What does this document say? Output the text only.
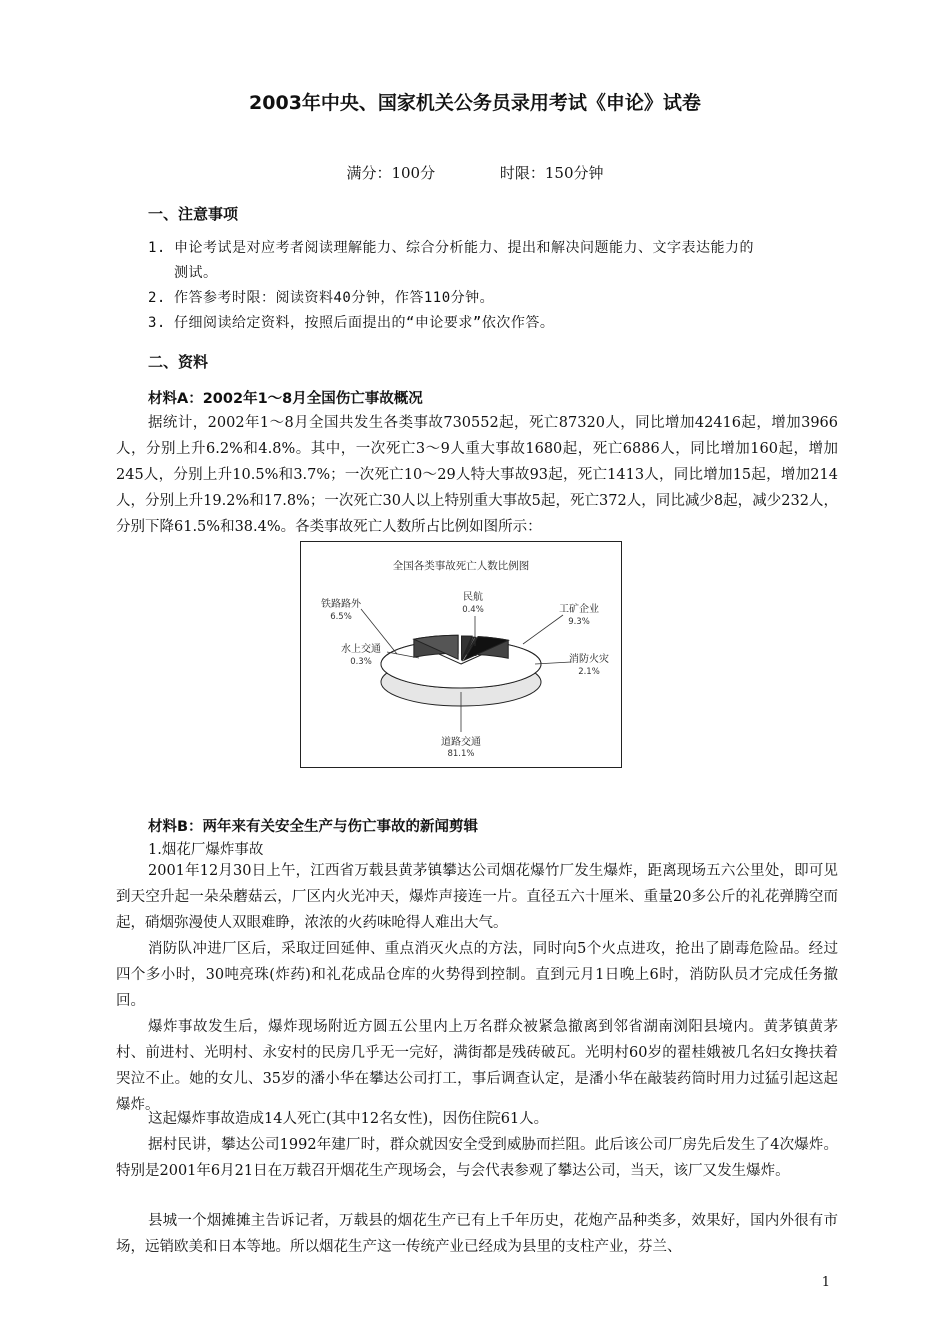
2003年中央、国家机关公务员录用考试《申论》试卷
满分：100分	时限：150分钟
一、注意事项
1. 申论考试是对应考者阅读理解能力、综合分析能力、提出和解决问题能力、文字表达能力的
测试。
2. 作答参考时限：阅读资料40分钟，作答110分钟。
3. 仔细阅读给定资料，按照后面提出的“申论要求”依次作答。
二、资料
材料A：2002年1～8月全国伤亡事故概况

据统计，2002年1～8月全国共发生各类事故730552起，死亡87320人，同比增加42416起，增加3966人，分别上升6.2%和4.8%。其中，一次死亡3～9人重大事故1680起，死亡6886人，同比增加160起，增加245人，分别上升10.5%和3.7%；一次死亡10～29人特大事故93起，死亡1413人，同比增加15起，增加214人，分别上升19.2%和17.8%；一次死亡30人以上特别重大事故5起，死亡372人，同比减少8起，减少232人，分别下降61.5%和38.4%。各类事故死亡人数所占比例如图所示：

全国各类事故死亡人数比例图
道路交通
81.1%
工矿企业
9.3%
铁路路外
6.5%
消防火灾
2.1%
民航
0.4%
水上交通
0.3%
材料B：两年来有关安全生产与伤亡事故的新闻剪辑
1.烟花厂爆炸事故

2001年12月30日上午，江西省万载县黄茅镇攀达公司烟花爆竹厂发生爆炸，距离现场五六公里处，即可见到天空升起一朵朵蘑菇云，厂区内火光冲天，爆炸声接连一片。直径五六十厘米、重量20多公斤的礼花弹腾空而起，硝烟弥漫使人双眼难睁，浓浓的火药味呛得人难出大气。

消防队冲进厂区后，采取迂回延伸、重点消灭火点的方法，同时向5个火点进攻，抢出了剧毒危险品。经过四个多小时，30吨亮珠(炸药)和礼花成品仓库的火势得到控制。直到元月1日晚上6时，消防队员才完成任务撤回。

爆炸事故发生后，爆炸现场附近方圆五公里内上万名群众被紧急撤离到邻省湖南浏阳县境内。黄茅镇黄茅村、前进村、光明村、永安村的民房几乎无一完好，满街都是残砖破瓦。光明村60岁的翟桂娥被几名妇女搀扶着哭泣不止。她的女儿、35岁的潘小华在攀达公司打工，事后调查认定，是潘小华在敲装药筒时用力过猛引起这起爆炸。

这起爆炸事故造成14人死亡(其中12名女性)，因伤住院61人。

据村民讲，攀达公司1992年建厂时，群众就因安全受到威胁而拦阻。此后该公司厂房先后发生了4次爆炸。特别是2001年6月21日在万载召开烟花生产现场会，与会代表参观了攀达公司，当天，该厂又发生爆炸。

县城一个烟摊摊主告诉记者，万载县的烟花生产已有上千年历史，花炮产品种类多，效果好，国内外很有市场，远销欧美和日本等地。所以烟花生产这一传统产业已经成为县里的支柱产业，芬兰、

1
